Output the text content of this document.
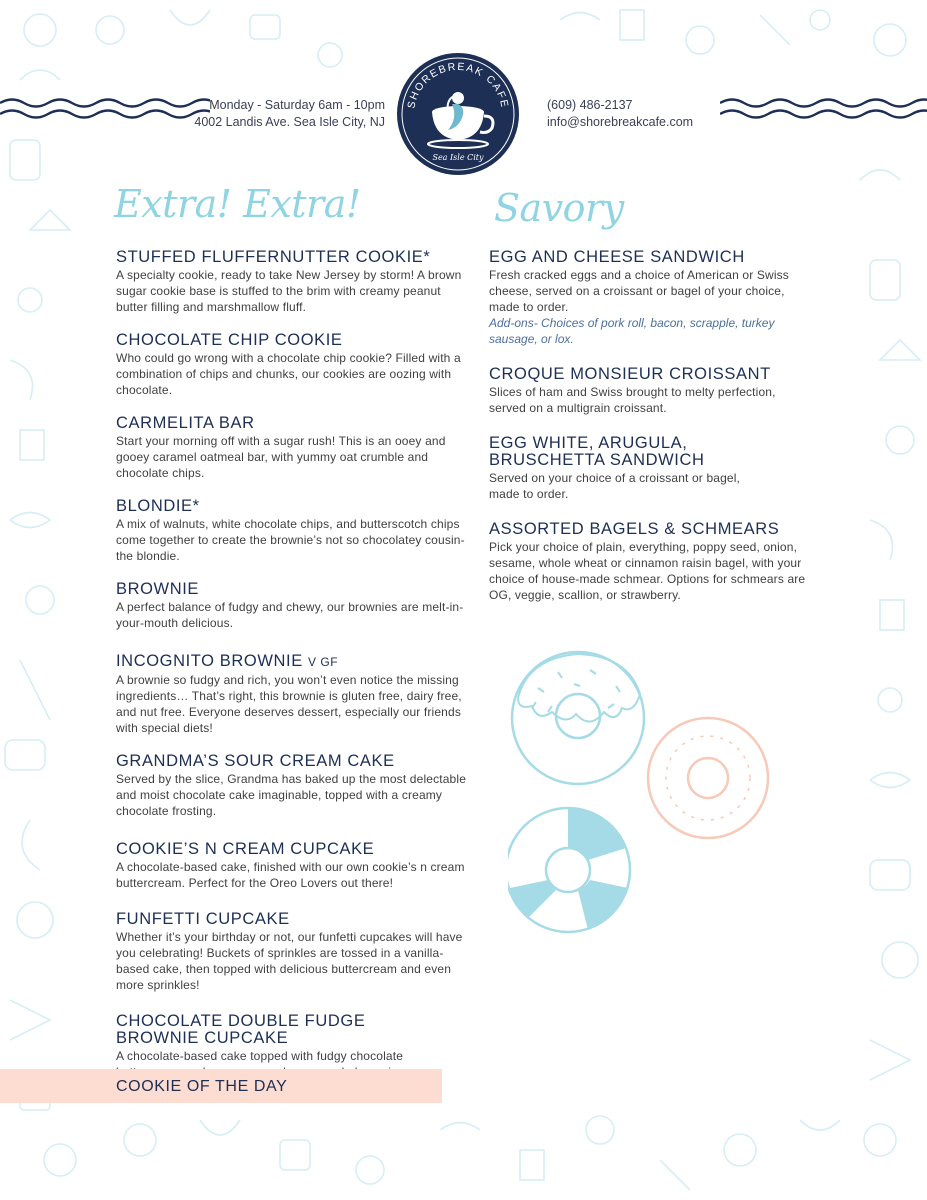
Monday - Saturday 6am - 10pm
4002 Landis Ave. Sea Isle City, NJ
SHOREBREAK CAFE
Sea Isle City
(609) 486-2137
info@shorebreakcafe.com
Extra! Extra!	Savory
STUFFED FLUFFERNUTTER COOKIE*

A specialty cookie, ready to take New Jersey by storm! A brown sugar cookie base is stuffed to the brim with creamy peanut butter filling and marshmallow fluff.

CHOCOLATE CHIP COOKIE

Who could go wrong with a chocolate chip cookie? Filled with a combination of chips and chunks, our cookies are oozing with chocolate.

CARMELITA BAR

Start your morning off with a sugar rush! This is an ooey and gooey caramel oatmeal bar, with yummy oat crumble and chocolate chips.

BLONDIE*

A mix of walnuts, white chocolate chips, and butterscotch chips come together to create the brownie’s not so chocolatey cousin- the blondie.

BROWNIE

A perfect balance of fudgy and chewy, our brownies are melt-in-your-mouth delicious.

INCOGNITO BROWNIE V GF

A brownie so fudgy and rich, you won’t even notice the missing ingredients… That’s right, this brownie is gluten free, dairy free, and nut free. Everyone deserves dessert, especially our friends with special diets!

GRANDMA’S SOUR CREAM CAKE

Served by the slice, Grandma has baked up the most delectable and moist chocolate cake imaginable, topped with a creamy chocolate frosting.

COOKIE’S N CREAM CUPCAKE

A chocolate-based cake, finished with our own cookie’s n cream buttercream. Perfect for the Oreo Lovers out there!

FUNFETTI CUPCAKE

Whether it’s your birthday or not, our funfetti cupcakes will have you celebrating! Buckets of sprinkles are tossed in a vanilla-based cake, then topped with delicious buttercream and even more sprinkles!

CHOCOLATE DOUBLE FUDGE BROWNIE CUPCAKE

A chocolate-based cake topped with fudgy chocolate

EGG AND CHEESE SANDWICH

Fresh cracked eggs and a choice of American or Swiss cheese, served on a croissant or bagel of your choice, made to order.

Add-ons- Choices of pork roll, bacon, scrapple, turkey sausage, or lox.

CROQUE MONSIEUR CROISSANT

Slices of ham and Swiss brought to melty perfection, served on a multigrain croissant.

EGG WHITE, ARUGULA, BRUSCHETTA SANDWICH

Served on your choice of a croissant or bagel, made to order.

ASSORTED BAGELS & SCHMEARS

Pick your choice of plain, everything, poppy seed, onion, sesame, whole wheat or cinnamon raisin bagel, with your choice of house-made schmear. Options for schmears are OG, veggie, scallion, or strawberry.

COOKIE OF THE DAY
